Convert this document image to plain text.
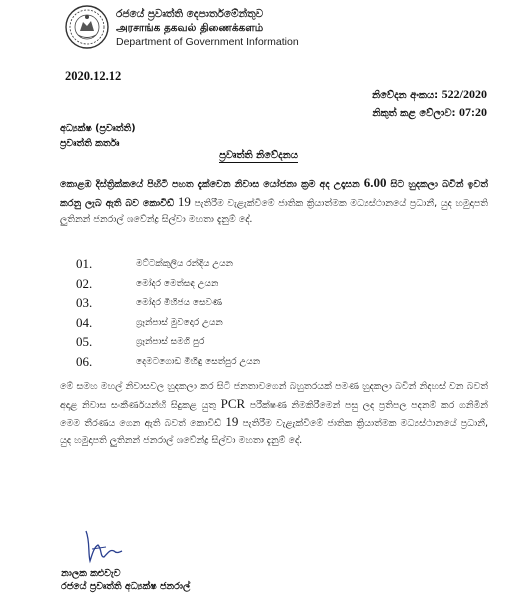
රජයේ ප්‍රවෘත්ති දෙපාර්තමේන්තුව
அரசாங்க தகவல் திணைக்களம்
Department of Government Information
2020.12.12
නිවේදන අංකය: 522/2020
නිකුත් කළ වේලාව: 07:20
අධ්‍යක්ෂ (ප්‍රවෘත්ති)
ප්‍රවෘත්ති කර්තෘ
ප්‍රවෘත්ති නිවේදනය
කොළඹ දිස්ත්‍රික්කයේ පිහිටි පහත දැක්වෙන නිවාස යෝජනා ක්‍රම අද උදෑසන 6.00 සිට හුදකලා බවින් ඉවත් කරනු ලැබ ඇති බව කොවිඩ් 19 පැතිරීම වැළැක්වීමේ ජාතික ක්‍රියාත්මක මධ්‍යස්ථානයේ ප්‍රධානී, යුද හමුදාපති ලුතිනන් ජනරාල් ශවේන්ද්‍ර සිල්වා මහතා දැනුම් දේ.
01.	මට්ටක්කුලිය රන්දිය උයන
02.	මෝදර මෙත්සඳ උයන
03.	මෝදර මිහිජය සෙවණ
04.	ග්‍රෑන්පාස් මුවදොර උයන
05.	ග්‍රෑන්පාස් සමගි පුර
06.	දෙමටගොඩ මිහිඳු සෙත්පුර උයන
මේ සමහ මහල් නිවාසවල හුදකලා කර සිටි ජනතාවගෙන් බහුතරයක් පමණ හුදකලා බවින් නිදහස් වන බවත් අදාළ නිවාස සංකීර්ණයන්හි සිදුකළ යුතු PCR පරීක්ෂණ නිමකිරීමෙන් පසු ලද ප්‍රතිපල පදනම් කර ගනිමින් මෙම තීරණය ගෙන ඇති බවත් කොවිඩ් 19 පැතිරීම වැළැක්වීමේ ජාතික ක්‍රියාත්මක මධ්‍යස්ථානයේ ප්‍රධානී, යුද හමුදාපති ලුතිනන් ජනරාල් ශවේන්ද්‍ර සිල්වා මහතා දැනුම් දේ.
නාලක කළුවැව
රජයේ ප්‍රවෘත්ති අධ්‍යක්ෂ ජනරාල්
